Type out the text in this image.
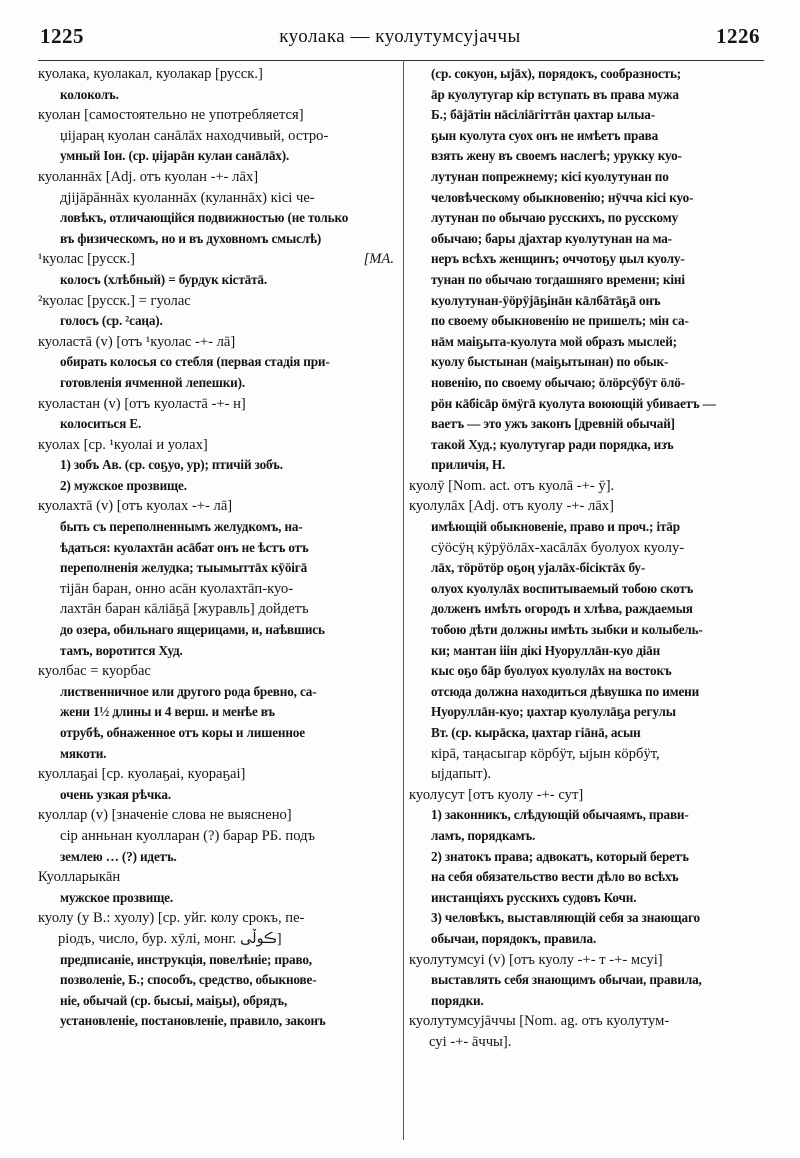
1225	куолака — куолутумсујаччы	1226
куолака, куолакал, куолакар [русск.]
колоколъ.
куолан [самостоятельно не употребляется]
џiјарaң куолан санāлāх находчивый, остро-
умный Іон. (ср. џiјарāн кулан санāлāх).
куоланнāх [Adj. отъ куолан -+- лāх]
дjiјāрāннāх куоланнāх (куланнāх) кiсi че-
ловѣкъ, отличающійся подвижностью (не только
въ физическомъ, но и въ духовномъ смыслѣ)
¹куолас [русск.]	[МА.
колосъ (хлѣбный) = бурдук кiстāтā.
²куолас [русск.] = гуолас
голосъ (ср. ²саңа).
куоластā (v) [отъ ¹куолас -+- лā]
обирать колосья со стебля (первая стадія при-
готовленія ячменной лепешки).
куоластан (v) [отъ куоластā -+- н]
колоситься Е.
куолах [ср. ¹куолаі и уолах]
1) зобъ Ав. (ср. соҕуо, ур); птичій зобъ.
2) мужское прозвище.
куолахтā (v) [отъ куолах -+- лā]
быть съ переполненнымъ желудкомъ, на-
ѣдаться: куолахтāн асāбат онъ не ѣстъ отъ
переполненія желудка; тыымыттāх кӱöiгā
тiјāн баран, онно асāн куолахтāп-куо-
лахтāн баран кāлiāҕā [журавль] дойдетъ
до озера, обильнаго ящерицами, и, наѣвшись
тамъ, воротится Худ.
куолбас = куорбас
лиственничное или другого рода бревно, са-
жени 1½ длины и 4 верш. и менѣе въ
отрубѣ, обнаженное отъ коры и лишенное
мякоти.
куоллаҕаі [ср. куолаҕаі, куораҕаі]
очень узкая рѣчка.
куоллар (v) [значеніе слова не выяснено]
сiр анньнан куолларан (?) барар РБ. подъ
землею … (?) идетъ.
Куолларыкāн
мужское прозвище.
куолу (у В.: хуолу) [ср. уйг. колу срокъ, пе-
ріодъ, число, бур. хӯлі, монг. ڪوڵی]
предписаніе, инструкція, повелѣніе; право,
позволеніе, Б.; способъ, средство, обыкнове-
ніе, обычай (ср. бысыі, маіҕы), обрядъ,
установленіе, постановленіе, правило, законъ
(ср. сокуон, ыјāх), порядокъ, сообразность;
āр куолутугар кiр вступать въ права мужа
Б.; бāјāтiн нāсiлiāгiттāн џахтар ылыа-
ҕын куолута суох онъ не имѣетъ права
взять жену въ своемъ наслегѣ; урукку куо-
лутунан попрежнему; кiсi куолутунан по
человѣческому обыкновенію; нӯчча кiсi куо-
лутунан по обычаю русскихъ, по русскому
обычаю; бары дjахтар куолутунан на ма-
неръ всѣхъ женщинъ; оччотоҕу џыл куолу-
тунан по обычаю тогдашняго времени; кiнi
куолутунан-ӱöрӱјāҕiнāн кāлбāтāҕā онъ
по своему обыкновенію не пришелъ; мiн са-
нāм маіҕыта-куолута мой образъ мыслей;
куолу быстынан (маіҕытынан) по обык-
новенію, по своему обычаю; öлöрсӱбӱт öлö-
рӧн кāбiсāр öмӱгā куолута воюющій убиваетъ —
ваетъ — это ужъ законъ [древній обычай]
такой Худ.; куолутугар ради порядка, изъ
приличія, Н.
куолӯ [Nom. act. отъ куолā -+- ӯ].
куолулāх [Adj. отъ куолу -+- лāх]
имѣющій обыкновеніе, право и проч.; iтāр
сӱöсӱң кӱрӱöлāх-хасāлāх буолуох куолу-
лāх, тöрöтöр оҕоң уjалāх-бiсiктāх бу-
олуох куолулāх воспитываемый тобою скотъ
долженъ имѣть огородъ и хлѣва, раждаемыя
тобою дѣти должны имѣть зыбки и колыбель-
ки; мантан iiiн дiкi Нуоруллāн-куо дiāн
кыс оҕо бāр буолуох куолулāх на востокъ
отсюда должна находиться дѣвушка по имени
Нуоруллāн-куо; џахтар куолулāҕа регулы
Вт. (ср. кырāска, џахтар гiāнā, асын
кiрā, таңасыгар кöрбӱт, ыјын кöрбӱт,
ыјдапыт).
куолусут [отъ куолу -+- сут]
1) законникъ, слѣдующій обычаямъ, прави-
ламъ, порядкамъ.
2) знатокъ права; адвокатъ, который беретъ
на себя обязательство вести дѣло во всѣхъ
инстанціяхъ русскихъ судовъ Кочн.
3) человѣкъ, выставляющій себя за знающаго
обычаи, порядокъ, правила.
куолутумсуі (v) [отъ куолу -+- т -+- мсуі]
выставлять себя знающимъ обычаи, правила,
порядки.
куолутумсујāччы [Nom. ag. отъ куолутум-
суі -+- āччы].
